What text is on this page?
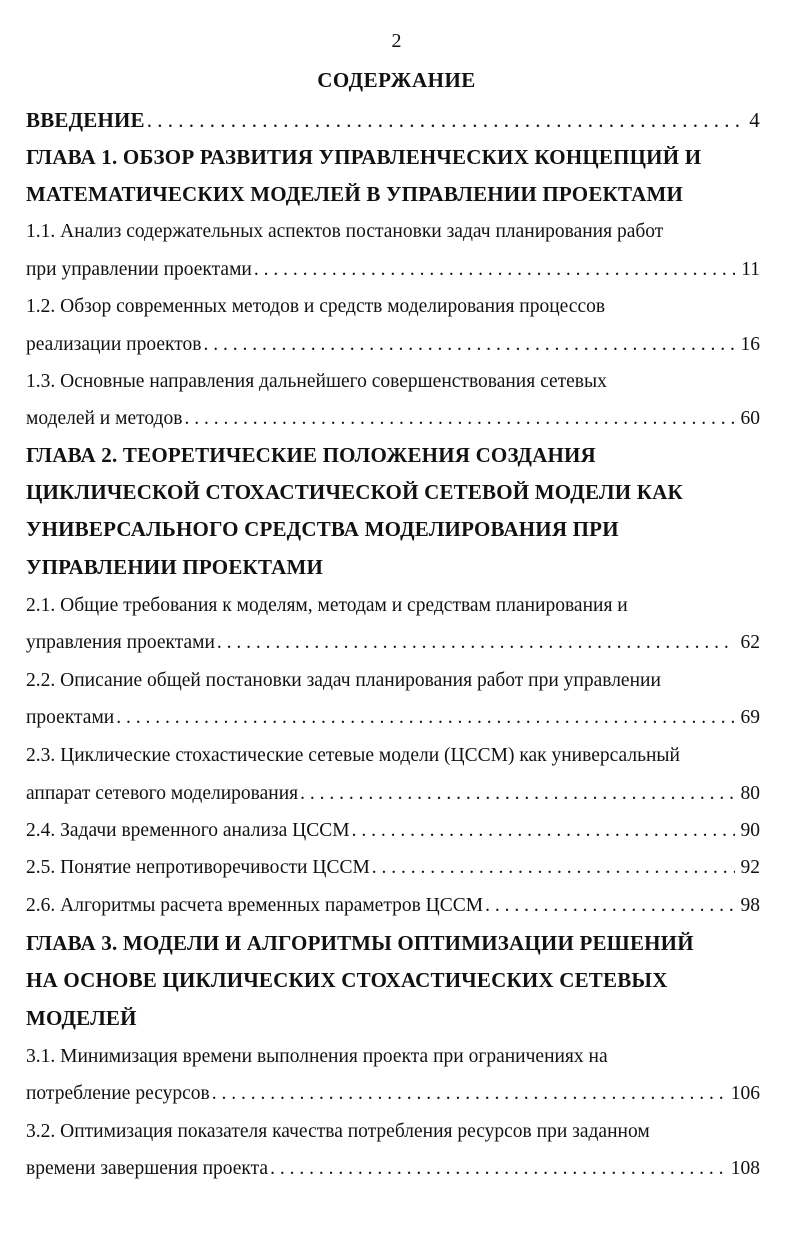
2
СОДЕРЖАНИЕ
ВВЕДЕНИЕ . . .	4
ГЛАВА 1. ОБЗОР РАЗВИТИЯ УПРАВЛЕНЧЕСКИХ КОНЦЕПЦИЙ И
МАТЕМАТИЧЕСКИХ МОДЕЛЕЙ В УПРАВЛЕНИИ ПРОЕКТАМИ
1.1. Анализ содержательных аспектов постановки задач планирования работ
при управлении проектами . . .	11
1.2. Обзор современных методов и средств моделирования процессов
реализации проектов . . .	16
1.3. Основные направления дальнейшего совершенствования сетевых
моделей и методов . . .	60
ГЛАВА 2. ТЕОРЕТИЧЕСКИЕ ПОЛОЖЕНИЯ СОЗДАНИЯ
ЦИКЛИЧЕСКОЙ СТОХАСТИЧЕСКОЙ СЕТЕВОЙ МОДЕЛИ КАК
УНИВЕРСАЛЬНОГО СРЕДСТВА МОДЕЛИРОВАНИЯ ПРИ
УПРАВЛЕНИИ ПРОЕКТАМИ
2.1. Общие требования к моделям, методам и средствам планирования и
управления проектами . . .	62
2.2. Описание общей постановки задач планирования работ при управлении
проектами . . .	69
2.3. Циклические стохастические сетевые модели (ЦССМ) как универсальный
аппарат сетевого моделирования . . .	80
2.4. Задачи временного анализа ЦССМ . . .	90
2.5. Понятие непротиворечивости ЦССМ . . .	92
2.6. Алгоритмы расчета временных параметров ЦССМ . . .	98
ГЛАВА 3. МОДЕЛИ И АЛГОРИТМЫ ОПТИМИЗАЦИИ РЕШЕНИЙ
НА ОСНОВЕ ЦИКЛИЧЕСКИХ СТОХАСТИЧЕСКИХ СЕТЕВЫХ
МОДЕЛЕЙ
3.1. Минимизация времени выполнения проекта при ограничениях на
потребление ресурсов . . .	106
3.2. Оптимизация показателя качества потребления ресурсов при заданном
времени завершения проекта . . .	108
